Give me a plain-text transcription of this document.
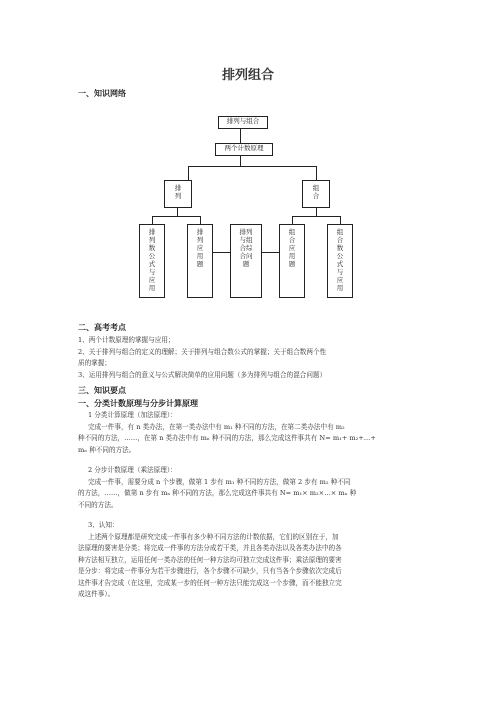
排列组合
一、知识网络
排列与组合
两个计数原理
排
列
组
合
排
列
数
公
式
与
应
用
排
列
应
用
题
排列
与组
合综
合问
题
组
合
应
用
题
组
合
数
公
式
与
应
用
二、高考考点

1、两个计数原理的掌握与应用；

2、关于排列与组合的定义的理解；关于排列与组合数公式的掌握；关于组合数两个性

质的掌握；

3、运用排列与组合的意义与公式解决简单的应用问题（多为排列与组合的混合问题）

三、知识要点
一、分类计数原理与分步计算原理

1 分类计算原理（加法原理）：

完成一件事，有 n 类办法，在第一类办法中有 m₁ 种不同的方法，在第二类办法中有 m₂

种不同的方法，……，在第 n 类办法中有 mₙ 种不同的方法，那么完成这件事共有 N= m₁+ m₂+…+

mₙ 种不同的方法。

2 分步计数原理（乘法原理）：

完成一件事，需要分成 n 个步骤，做第 1 步有 m₁ 种不同的方法，做第 2 步有 m₂ 种不同

的方法，……，做第 n 步有 mₙ 种不同的方法，那么完成这件事共有 N= m₁× m₂×…× mₙ 种

不同的方法。

3、认知：

上述两个原理都是研究完成一件事有多少种不同方法的计数依据，它们的区别在于，加

法原理的要害是分类；将完成一件事的方法分成若干类，并且各类办法以及各类办法中的各

种方法相互独立，运用任何一类办法的任何一种方法均可独立完成这件事；乘法原理的要害

是分步：将完成一件事分为若干步骤进行，各个步骤不可缺少，只有当各个步骤依次完成后

这件事才告完成（在这里，完成某一步的任何一种方法只能完成这一个步骤，而不能独立完

成这件事）。
